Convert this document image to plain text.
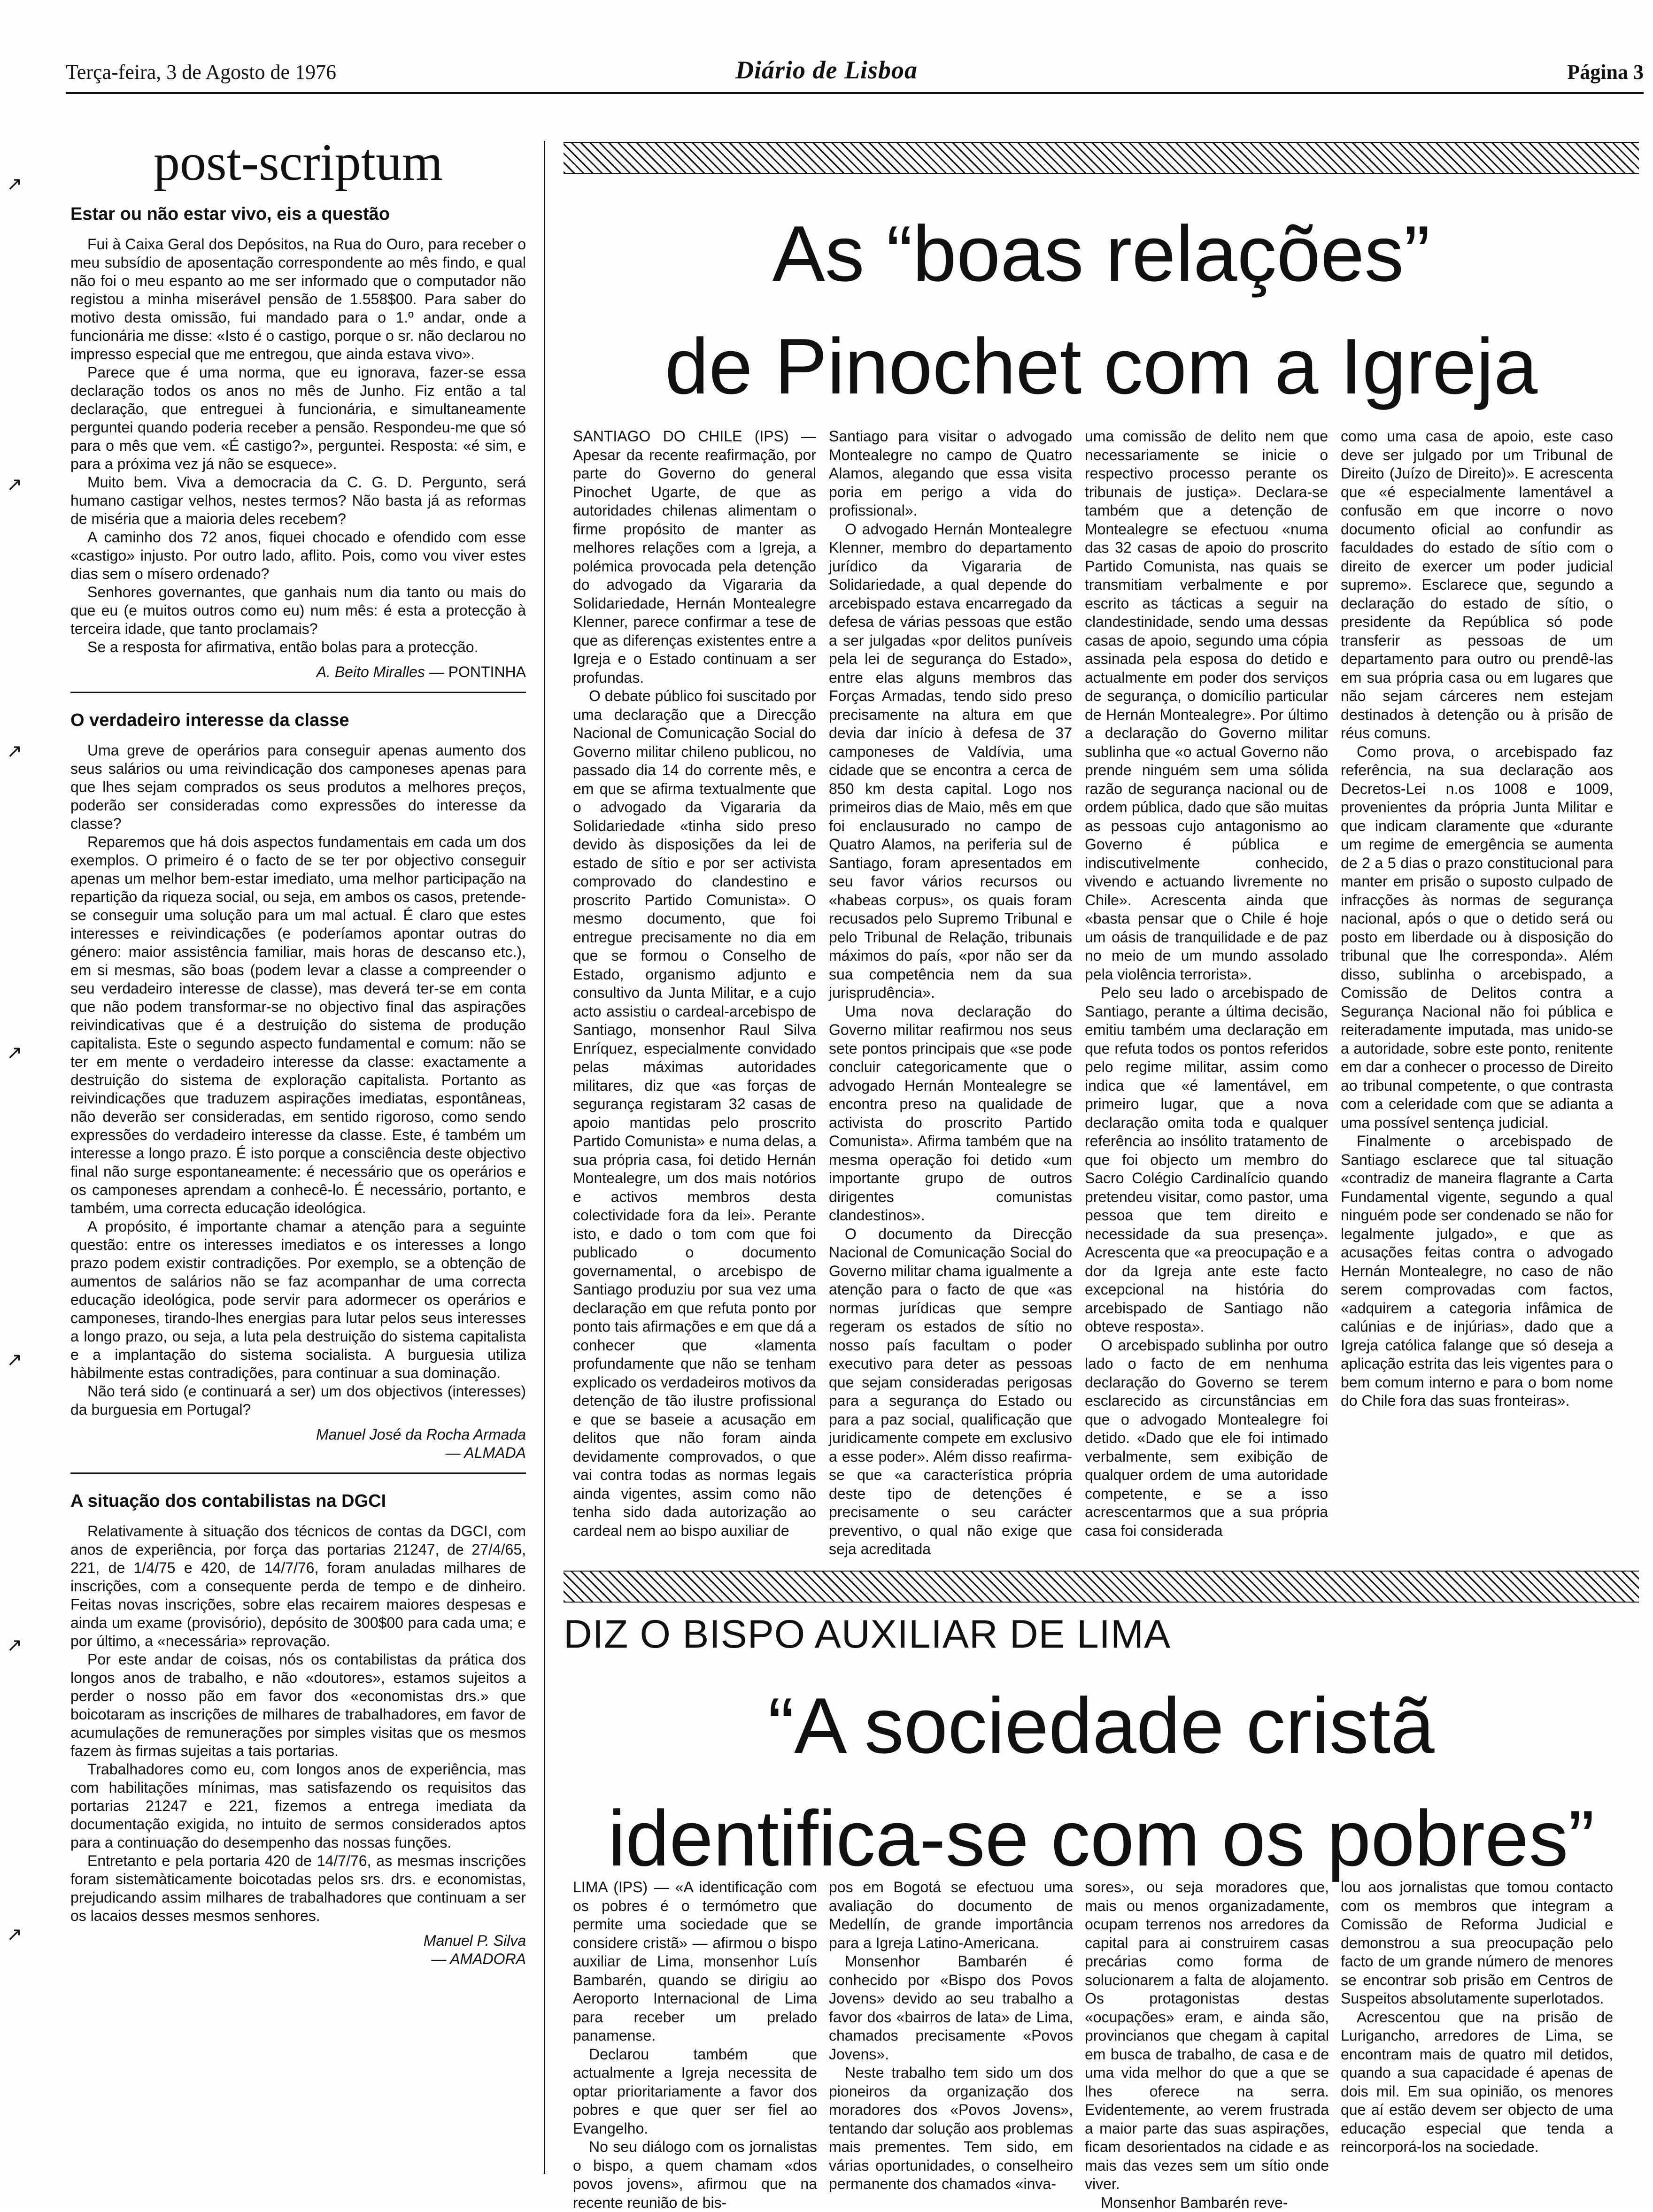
Terça-feira, 3 de Agosto de 1976	Diário de Lisboa	Página 3
↗
↗
↗
↗
↗
↗
↗
post-scriptum
Estar ou não estar vivo, eis a questão

Fui à Caixa Geral dos Depósitos, na Rua do Ouro, para receber o meu subsídio de aposentação correspondente ao mês findo, e qual não foi o meu espanto ao me ser informado que o computador não registou a minha miserável pensão de 1.558$00. Para saber do motivo desta omissão, fui mandado para o 1.º andar, onde a funcionária me disse: «Isto é o castigo, porque o sr. não declarou no impresso especial que me entregou, que ainda estava vivo».

Parece que é uma norma, que eu ignorava, fazer-se essa declaração todos os anos no mês de Junho. Fiz então a tal declaração, que entreguei à funcionária, e simultaneamente perguntei quando poderia receber a pensão. Respondeu-me que só para o mês que vem. «É castigo?», perguntei. Resposta: «é sim, e para a próxima vez já não se esquece».

Muito bem. Viva a democracia da C. G. D. Pergunto, será humano castigar velhos, nestes termos? Não basta já as reformas de miséria que a maioria deles recebem?

A caminho dos 72 anos, fiquei chocado e ofendido com esse «castigo» injusto. Por outro lado, aflito. Pois, como vou viver estes dias sem o mísero ordenado?

Senhores governantes, que ganhais num dia tanto ou mais do que eu (e muitos outros como eu) num mês: é esta a protecção à terceira idade, que tanto proclamais?

Se a resposta for afirmativa, então bolas para a protecção.

A. Beito Miralles — PONTINHA
O verdadeiro interesse da classe

Uma greve de operários para conseguir apenas aumento dos seus salários ou uma reivindicação dos camponeses apenas para que lhes sejam comprados os seus produtos a melhores preços, poderão ser consideradas como expressões do interesse da classe?

Reparemos que há dois aspectos fundamentais em cada um dos exemplos. O primeiro é o facto de se ter por objectivo conseguir apenas um melhor bem-estar imediato, uma melhor participação na repartição da riqueza social, ou seja, em ambos os casos, pretende-se conseguir uma solução para um mal actual. É claro que estes interesses e reivindicações (e poderíamos apontar outras do género: maior assistência familiar, mais horas de descanso etc.), em si mesmas, são boas (podem levar a classe a compreender o seu verdadeiro interesse de classe), mas deverá ter-se em conta que não podem transformar-se no objectivo final das aspirações reivindicativas que é a destruição do sistema de produção capitalista. Este o segundo aspecto fundamental e comum: não se ter em mente o verdadeiro interesse da classe: exactamente a destruição do sistema de exploração capitalista. Portanto as reivindicações que traduzem aspirações imediatas, espontâneas, não deverão ser consideradas, em sentido rigoroso, como sendo expressões do verdadeiro interesse da classe. Este, é também um interesse a longo prazo. É isto porque a consciência deste objectivo final não surge espontaneamente: é necessário que os operários e os camponeses aprendam a conhecê-lo. É necessário, portanto, e também, uma correcta educação ideológica.

A propósito, é importante chamar a atenção para a seguinte questão: entre os interesses imediatos e os interesses a longo prazo podem existir contradições. Por exemplo, se a obtenção de aumentos de salários não se faz acompanhar de uma correcta educação ideológica, pode servir para adormecer os operários e camponeses, tirando-lhes energias para lutar pelos seus interesses a longo prazo, ou seja, a luta pela destruição do sistema capitalista e a implantação do sistema socialista. A burguesia utiliza hàbilmente estas contradições, para continuar a sua dominação.

Não terá sido (e continuará a ser) um dos objectivos (interesses) da burguesia em Portugal?

Manuel José da Rocha Armada
— ALMADA
A situação dos contabilistas na DGCI

Relativamente à situação dos técnicos de contas da DGCI, com anos de experiência, por força das portarias 21247, de 27/4/65, 221, de 1/4/75 e 420, de 14/7/76, foram anuladas milhares de inscrições, com a consequente perda de tempo e de dinheiro. Feitas novas inscrições, sobre elas recairem maiores despesas e ainda um exame (provisório), depósito de 300$00 para cada uma; e por último, a «necessária» reprovação.

Por este andar de coisas, nós os contabilistas da prática dos longos anos de trabalho, e não «doutores», estamos sujeitos a perder o nosso pão em favor dos «economistas drs.» que boicotaram as inscrições de milhares de trabalhadores, em favor de acumulações de remunerações por simples visitas que os mesmos fazem às firmas sujeitas a tais portarias.

Trabalhadores como eu, com longos anos de experiência, mas com habilitações mínimas, mas satisfazendo os requisitos das portarias 21247 e 221, fizemos a entrega imediata da documentação exigida, no intuito de sermos considerados aptos para a continuação do desempenho das nossas funções.

Entretanto e pela portaria 420 de 14/7/76, as mesmas inscrições foram sistemàticamente boicotadas pelos srs. drs. e economistas, prejudicando assim milhares de trabalhadores que continuam a ser os lacaios desses mesmos senhores.

Manuel P. Silva
— AMADORA
As “boas relações”
de Pinochet com a Igreja

SANTIAGO DO CHILE (IPS) — Apesar da recente reafirmação, por parte do Governo do general Pinochet Ugarte, de que as autoridades chilenas alimentam o firme propósito de manter as melhores relações com a Igreja, a polémica provocada pela detenção do advogado da Vigararia da Solidariedade, Hernán Montealegre Klenner, parece confirmar a tese de que as diferenças existentes entre a Igreja e o Estado continuam a ser profundas.

O debate público foi suscitado por uma declaração que a Direcção Nacional de Comunicação Social do Governo militar chileno publicou, no passado dia 14 do corrente mês, e em que se afirma textualmente que o advogado da Vigararia da Solidariedade «tinha sido preso devido às disposições da lei de estado de sítio e por ser activista comprovado do clandestino e proscrito Partido Comunista». O mesmo documento, que foi entregue precisamente no dia em que se formou o Conselho de Estado, organismo adjunto e consultivo da Junta Militar, e a cujo acto assistiu o cardeal-arcebispo de Santiago, monsenhor Raul Silva Enríquez, especialmente convidado pelas máximas autoridades militares, diz que «as forças de segurança registaram 32 casas de apoio mantidas pelo proscrito Partido Comunista» e numa delas, a sua própria casa, foi detido Hernán Montealegre, um dos mais notórios e activos membros desta colectividade fora da lei». Perante isto, e dado o tom com que foi publicado o documento governamental, o arcebispo de Santiago produziu por sua vez uma declaração em que refuta ponto por ponto tais afirmações e em que dá a conhecer que «lamenta profundamente que não se tenham explicado os verdadeiros motivos da detenção de tão ilustre profissional e que se baseie a acusação em delitos que não foram ainda devidamente comprovados, o que vai contra todas as normas legais ainda vigentes, assim como não tenha sido dada autorização ao cardeal nem ao bispo auxiliar de

Santiago para visitar o advogado Montealegre no campo de Quatro Alamos, alegando que essa visita poria em perigo a vida do profissional».

O advogado Hernán Montealegre Klenner, membro do departamento jurídico da Vigararia de Solidariedade, a qual depende do arcebispado estava encarregado da defesa de várias pessoas que estão a ser julgadas «por delitos puníveis pela lei de segurança do Estado», entre elas alguns membros das Forças Armadas, tendo sido preso precisamente na altura em que devia dar início à defesa de 37 camponeses de Valdívia, uma cidade que se encontra a cerca de 850 km desta capital. Logo nos primeiros dias de Maio, mês em que foi enclausurado no campo de Quatro Alamos, na periferia sul de Santiago, foram apresentados em seu favor vários recursos ou «habeas corpus», os quais foram recusados pelo Supremo Tribunal e pelo Tribunal de Relação, tribunais máximos do país, «por não ser da sua competência nem da sua jurisprudência».

Uma nova declaração do Governo militar reafirmou nos seus sete pontos principais que «se pode concluir categoricamente que o advogado Hernán Montealegre se encontra preso na qualidade de activista do proscrito Partido Comunista». Afirma também que na mesma operação foi detido «um importante grupo de outros dirigentes comunistas clandestinos».

O documento da Direcção Nacional de Comunicação Social do Governo militar chama igualmente a atenção para o facto de que «as normas jurídicas que sempre regeram os estados de sítio no nosso país facultam o poder executivo para deter as pessoas que sejam consideradas perigosas para a segurança do Estado ou para a paz social, qualificação que juridicamente compete em exclusivo a esse poder». Além disso reafirma-se que «a característica própria deste tipo de detenções é precisamente o seu carácter preventivo, o qual não exige que seja acreditada

uma comissão de delito nem que necessariamente se inicie o respectivo processo perante os tribunais de justiça». Declara-se também que a detenção de Montealegre se efectuou «numa das 32 casas de apoio do proscrito Partido Comunista, nas quais se transmitiam verbalmente e por escrito as tácticas a seguir na clandestinidade, sendo uma dessas casas de apoio, segundo uma cópia assinada pela esposa do detido e actualmente em poder dos serviços de segurança, o domicílio particular de Hernán Montealegre». Por último a declaração do Governo militar sublinha que «o actual Governo não prende ninguém sem uma sólida razão de segurança nacional ou de ordem pública, dado que são muitas as pessoas cujo antagonismo ao Governo é pública e indiscutivelmente conhecido, vivendo e actuando livremente no Chile». Acrescenta ainda que «basta pensar que o Chile é hoje um oásis de tranquilidade e de paz no meio de um mundo assolado pela violência terrorista».

Pelo seu lado o arcebispado de Santiago, perante a última decisão, emitiu também uma declaração em que refuta todos os pontos referidos pelo regime militar, assim como indica que «é lamentável, em primeiro lugar, que a nova declaração omita toda e qualquer referência ao insólito tratamento de que foi objecto um membro do Sacro Colégio Cardinalício quando pretendeu visitar, como pastor, uma pessoa que tem direito e necessidade da sua presença». Acrescenta que «a preocupação e a dor da Igreja ante este facto excepcional na história do arcebispado de Santiago não obteve resposta».

O arcebispado sublinha por outro lado o facto de em nenhuma declaração do Governo se terem esclarecido as circunstâncias em que o advogado Montealegre foi detido. «Dado que ele foi intimado verbalmente, sem exibição de qualquer ordem de uma autoridade competente, e se a isso acrescentarmos que a sua própria casa foi considerada

como uma casa de apoio, este caso deve ser julgado por um Tribunal de Direito (Juízo de Direito)». E acrescenta que «é especialmente lamentável a confusão em que incorre o novo documento oficial ao confundir as faculdades do estado de sítio com o direito de exercer um poder judicial supremo». Esclarece que, segundo a declaração do estado de sítio, o presidente da República só pode transferir as pessoas de um departamento para outro ou prendê-las em sua própria casa ou em lugares que não sejam cárceres nem estejam destinados à detenção ou à prisão de réus comuns.

Como prova, o arcebispado faz referência, na sua declaração aos Decretos-Lei n.os 1008 e 1009, provenientes da própria Junta Militar e que indicam claramente que «durante um regime de emergência se aumenta de 2 a 5 dias o prazo constitucional para manter em prisão o suposto culpado de infracções às normas de segurança nacional, após o que o detido será ou posto em liberdade ou à disposição do tribunal que lhe corresponda». Além disso, sublinha o arcebispado, a Comissão de Delitos contra a Segurança Nacional não foi pública e reiteradamente imputada, mas unido-se a autoridade, sobre este ponto, renitente em dar a conhecer o processo de Direito ao tribunal competente, o que contrasta com a celeridade com que se adianta a uma possível sentença judicial.

Finalmente o arcebispado de Santiago esclarece que tal situação «contradiz de maneira flagrante a Carta Fundamental vigente, segundo a qual ninguém pode ser condenado se não for legalmente julgado», e que as acusações feitas contra o advogado Hernán Montealegre, no caso de não serem comprovadas com factos, «adquirem a categoria infâmica de calúnias e de injúrias», dado que a Igreja católica falange que só deseja a aplicação estrita das leis vigentes para o bem comum interno e para o bom nome do Chile fora das suas fronteiras».

DIZ O BISPO AUXILIAR DE LIMA
“A sociedade cristã
identifica-se com os pobres”

LIMA (IPS) — «A identificação com os pobres é o termómetro que permite uma sociedade que se considere cristã» — afirmou o bispo auxiliar de Lima, monsenhor Luís Bambarén, quando se dirigiu ao Aeroporto Internacional de Lima para receber um prelado panamense.

Declarou também que actualmente a Igreja necessita de optar prioritariamente a favor dos pobres e que quer ser fiel ao Evangelho.

No seu diálogo com os jornalistas o bispo, a quem chamam «dos povos jovens», afirmou que na recente reunião de bis-

pos em Bogotá se efectuou uma avaliação do documento de Medellín, de grande importância para a Igreja Latino-Americana.

Monsenhor Bambarén é conhecido por «Bispo dos Povos Jovens» devido ao seu trabalho a favor dos «bairros de lata» de Lima, chamados precisamente «Povos Jovens».

Neste trabalho tem sido um dos pioneiros da organização dos moradores dos «Povos Jovens», tentando dar solução aos problemas mais prementes. Tem sido, em várias oportunidades, o conselheiro permanente dos chamados «inva-

sores», ou seja moradores que, mais ou menos organizadamente, ocupam terrenos nos arredores da capital para ai construirem casas precárias como forma de solucionarem a falta de alojamento. Os protagonistas destas «ocupações» eram, e ainda são, provincianos que chegam à capital em busca de trabalho, de casa e de uma vida melhor do que a que se lhes oferece na serra. Evidentemente, ao verem frustrada a maior parte das suas aspirações, ficam desorientados na cidade e as mais das vezes sem um sítio onde viver.

Monsenhor Bambarén reve-

lou aos jornalistas que tomou contacto com os membros que integram a Comissão de Reforma Judicial e demonstrou a sua preocupação pelo facto de um grande número de menores se encontrar sob prisão em Centros de Suspeitos absolutamente superlotados.

Acrescentou que na prisão de Lurigancho, arredores de Lima, se encontram mais de quatro mil detidos, quando a sua capacidade é apenas de dois mil. Em sua opinião, os menores que aí estão devem ser objecto de uma educação especial que tenda a reincorporá-los na sociedade.
